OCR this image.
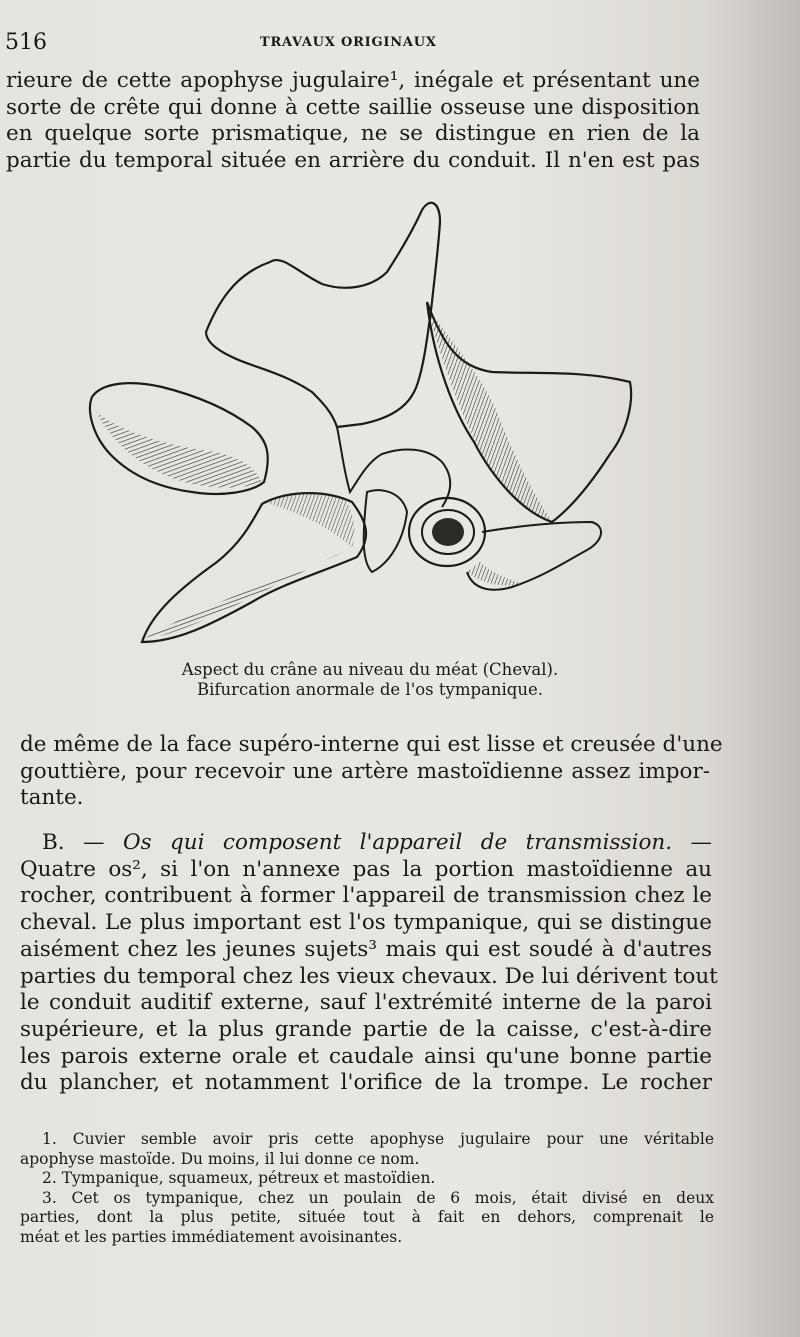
516	TRAVAUX ORIGINAUX

rieure de cette apophyse jugulaire¹, inégale et présentant une
sorte de crête qui donne à cette saillie osseuse une disposition
en quelque sorte prismatique, ne se distingue en rien de la
partie du temporal située en arrière du conduit. Il n'en est pas

Aspect du crâne au niveau du méat (Cheval).
Bifurcation anormale de l'os tympanique.

de même de la face supéro-interne qui est lisse et creusée d'une
gouttière, pour recevoir une artère mastoïdienne assez impor-
tante.

B. — Os qui composent l'appareil de transmission. —
Quatre os², si l'on n'annexe pas la portion mastoïdienne au
rocher, contribuent à former l'appareil de transmission chez le
cheval. Le plus important est l'os tympanique, qui se distingue
aisément chez les jeunes sujets³ mais qui est soudé à d'autres
parties du temporal chez les vieux chevaux. De lui dérivent tout
le conduit auditif externe, sauf l'extrémité interne de la paroi
supérieure, et la plus grande partie de la caisse, c'est-à-dire
les parois externe orale et caudale ainsi qu'une bonne partie
du plancher, et notamment l'orifice de la trompe. Le rocher

1. Cuvier semble avoir pris cette apophyse jugulaire pour une véritable
apophyse mastoïde. Du moins, il lui donne ce nom.
2. Tympanique, squameux, pétreux et mastoïdien.
3. Cet os tympanique, chez un poulain de 6 mois, était divisé en deux
parties, dont la plus petite, située tout à fait en dehors, comprenait le
méat et les parties immédiatement avoisinantes.
